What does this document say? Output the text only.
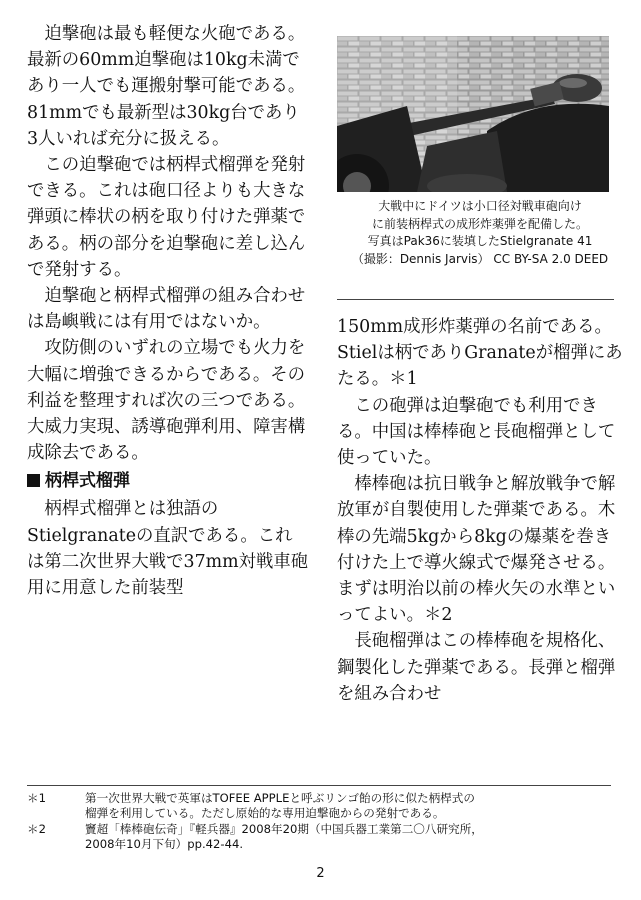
迫撃砲は最も軽便な火砲である。最新の60mm迫撃砲は10kg未満であり一人でも運搬射撃可能である。81mmでも最新型は30kg台であり3人いれば充分に扱える。

この迫撃砲では柄桿式榴弾を発射できる。これは砲口径よりも大きな弾頭に棒状の柄を取り付けた弾薬である。柄の部分を迫撃砲に差し込んで発射する。

迫撃砲と柄桿式榴弾の組み合わせは島嶼戦には有用ではないか。

攻防側のいずれの立場でも火力を大幅に増強できるからである。その利益を整理すれば次の三つである。大威力実現、誘導砲弾利用、障害構成除去である。

柄桿式榴弾

柄桿式榴弾とは独語のStielgranateの直訳である。これは第二次世界大戦で37mm対戦車砲用に用意した前装型

大戦中にドイツは小口径対戦車砲向け
に前装柄桿式の成形炸薬弾を配備した。
写真はPak36に装填したStielgranate 41
（撮影：Dennis Jarvis） CC BY-SA 2.0 DEED

150mm成形炸薬弾の名前である。Stielは柄でありGranateが榴弾にあたる。＊1

この砲弾は迫撃砲でも利用できる。中国は棒棒砲と長砲榴弾として使っていた。

棒棒砲は抗日戦争と解放戦争で解放軍が自製使用した弾薬である。木棒の先端5kgから8kgの爆薬を巻き付けた上で導火線式で爆発させる。まずは明治以前の棒火矢の水準といってよい。＊2

長砲榴弾はこの棒棒砲を規格化、鋼製化した弾薬である。長弾と榴弾を組み合わせ

＊1	第一次世界大戦で英軍はTOFEE APPLEと呼ぶリンゴ飴の形に似た柄桿式の
榴弾を利用している。ただし原始的な専用迫撃砲からの発射である。
＊2	竇超「棒棒砲伝奇」『軽兵器』2008年20期（中国兵器工業第二〇八研究所，
2008年10月下旬）pp.42-44.
2
